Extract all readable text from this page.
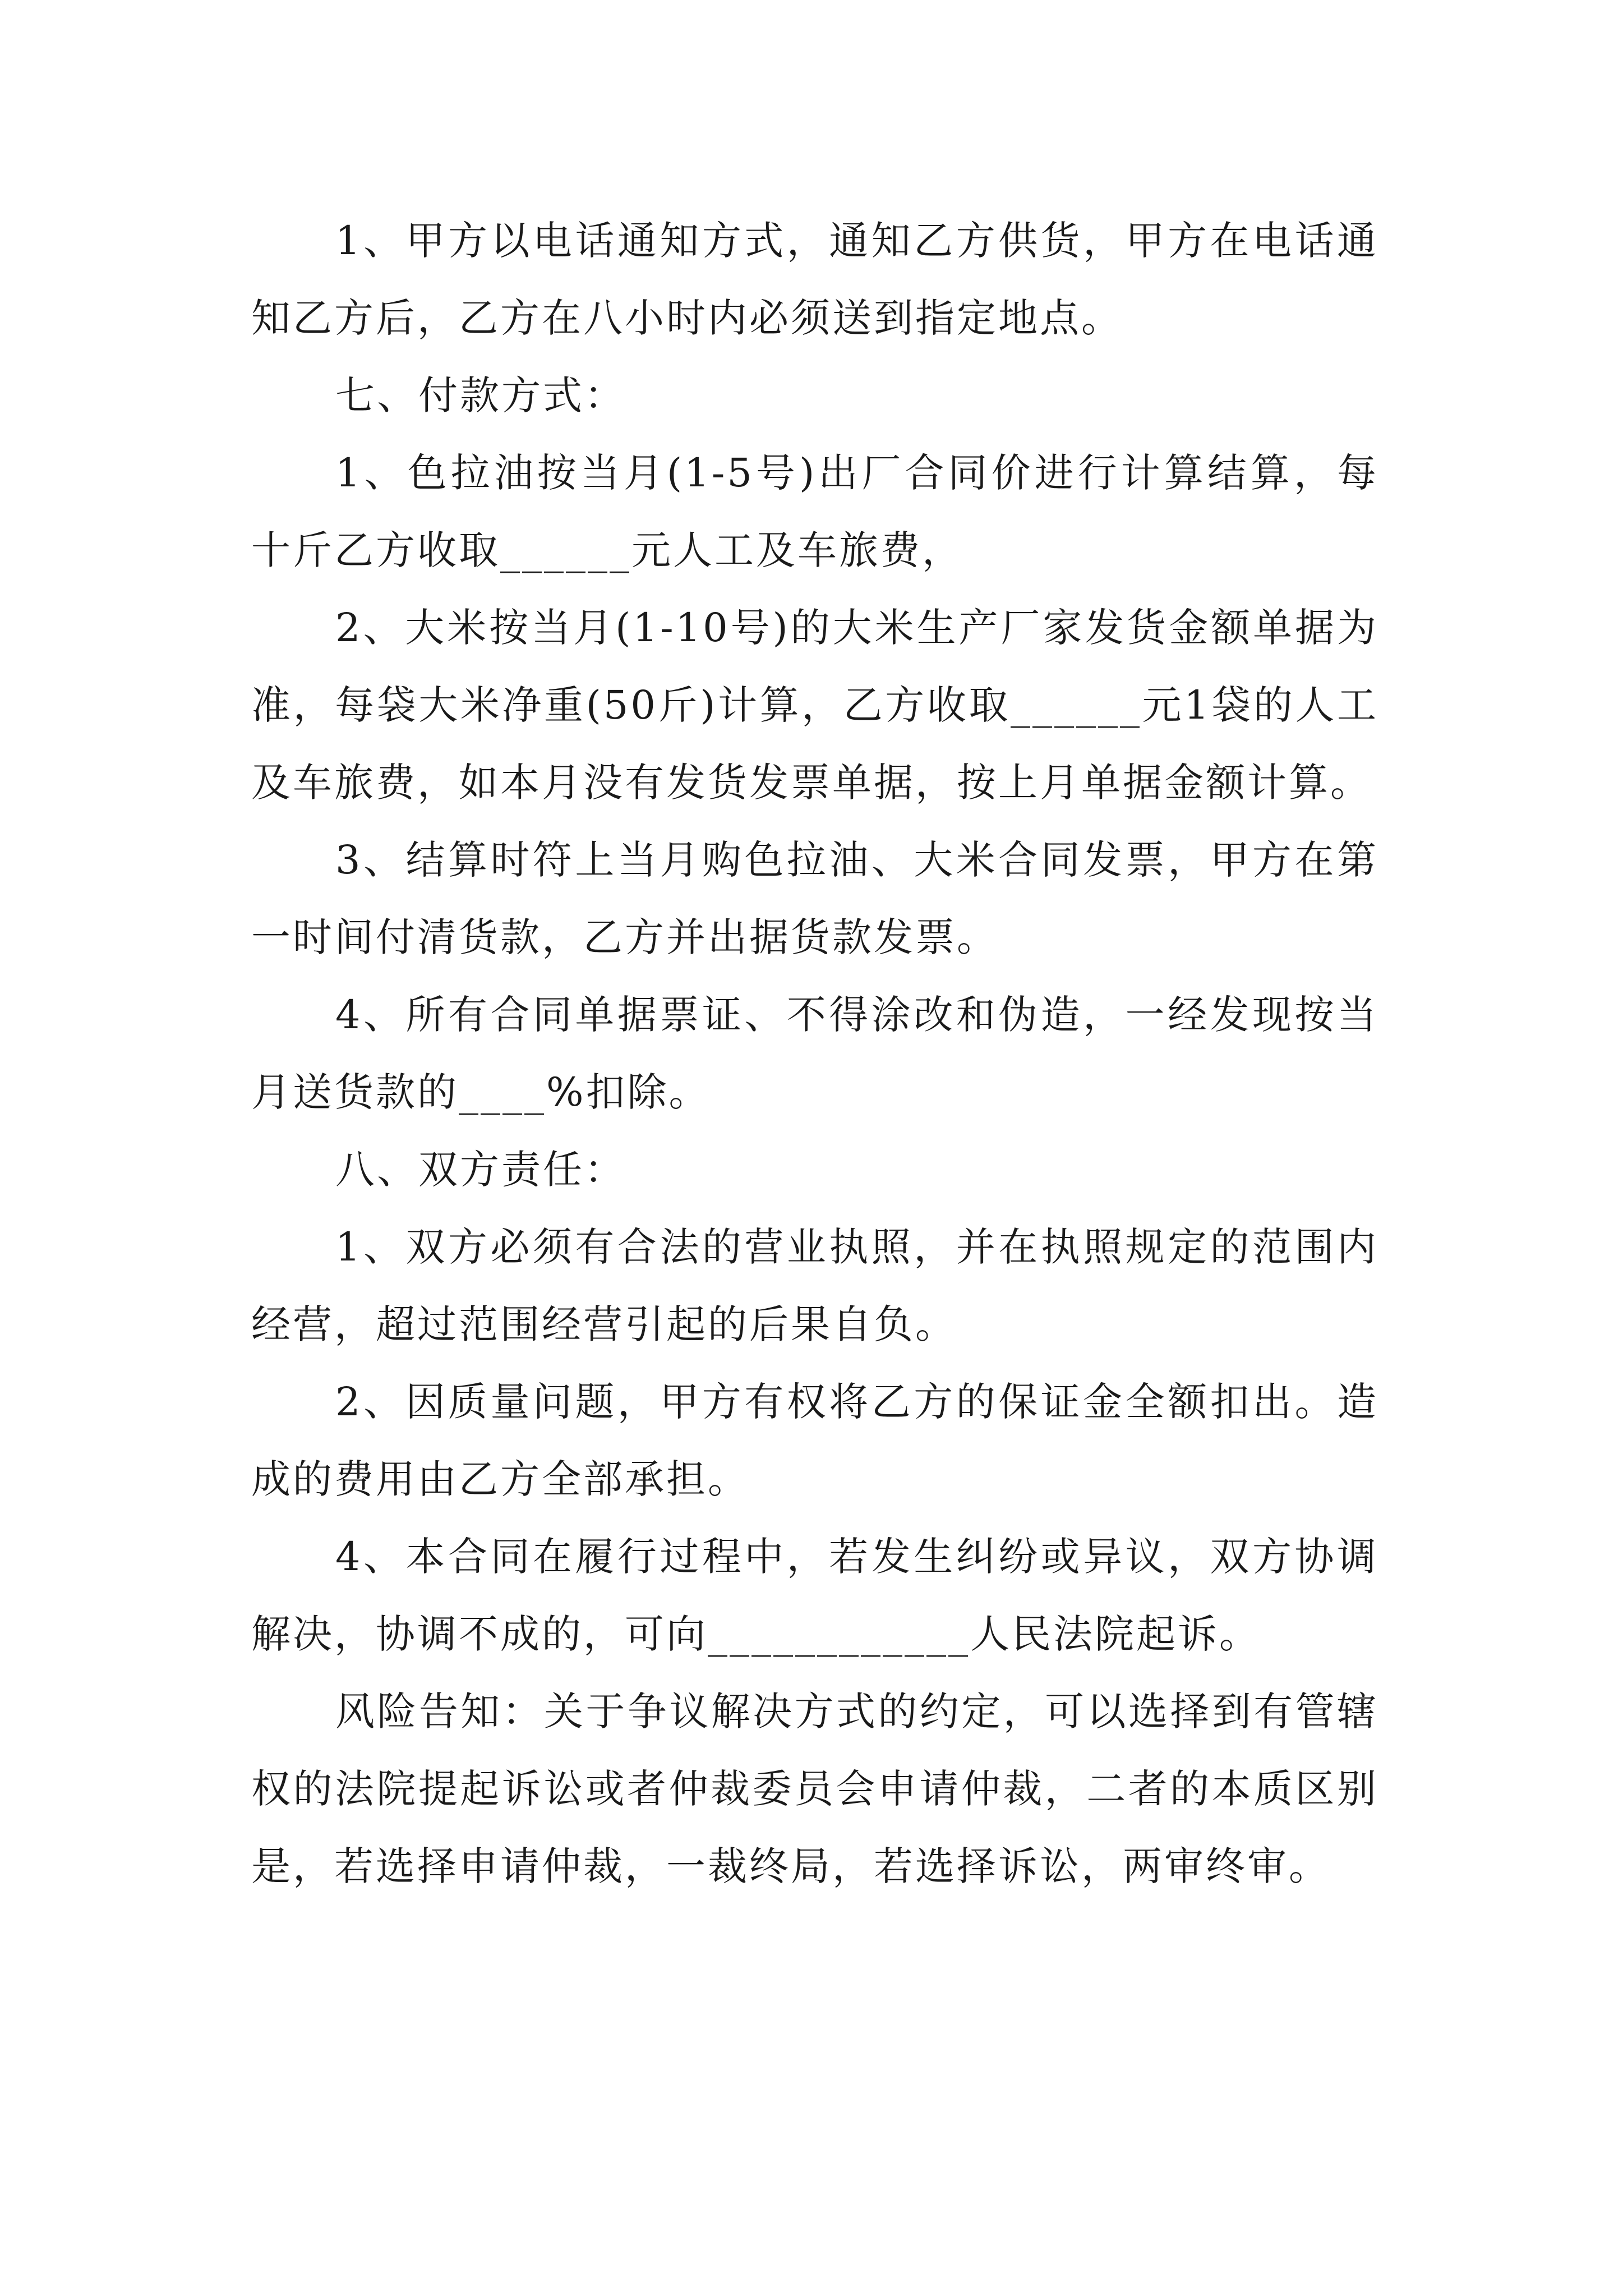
1、甲方以电话通知方式，通知乙方供货，甲方在电话通知乙方后，乙方在八小时内必须送到指定地点。

七、付款方式：

1、色拉油按当月(1-5号)出厂合同价进行计算结算，每十斤乙方收取______元人工及车旅费，

2、大米按当月(1-10号)的大米生产厂家发货金额单据为准，每袋大米净重(50斤)计算，乙方收取______元1袋的人工及车旅费，如本月没有发货发票单据，按上月单据金额计算。

3、结算时符上当月购色拉油、大米合同发票，甲方在第一时间付清货款，乙方并出据货款发票。

4、所有合同单据票证、不得涂改和伪造，一经发现按当月送货款的____%扣除。

八、双方责任：

1、双方必须有合法的营业执照，并在执照规定的范围内经营，超过范围经营引起的后果自负。

2、因质量问题，甲方有权将乙方的保证金全额扣出。造成的费用由乙方全部承担。

4、本合同在履行过程中，若发生纠纷或异议，双方协调解决，协调不成的，可向____________人民法院起诉。

风险告知：关于争议解决方式的约定，可以选择到有管辖权的法院提起诉讼或者仲裁委员会申请仲裁，二者的本质区别是，若选择申请仲裁，一裁终局，若选择诉讼，两审终审。
